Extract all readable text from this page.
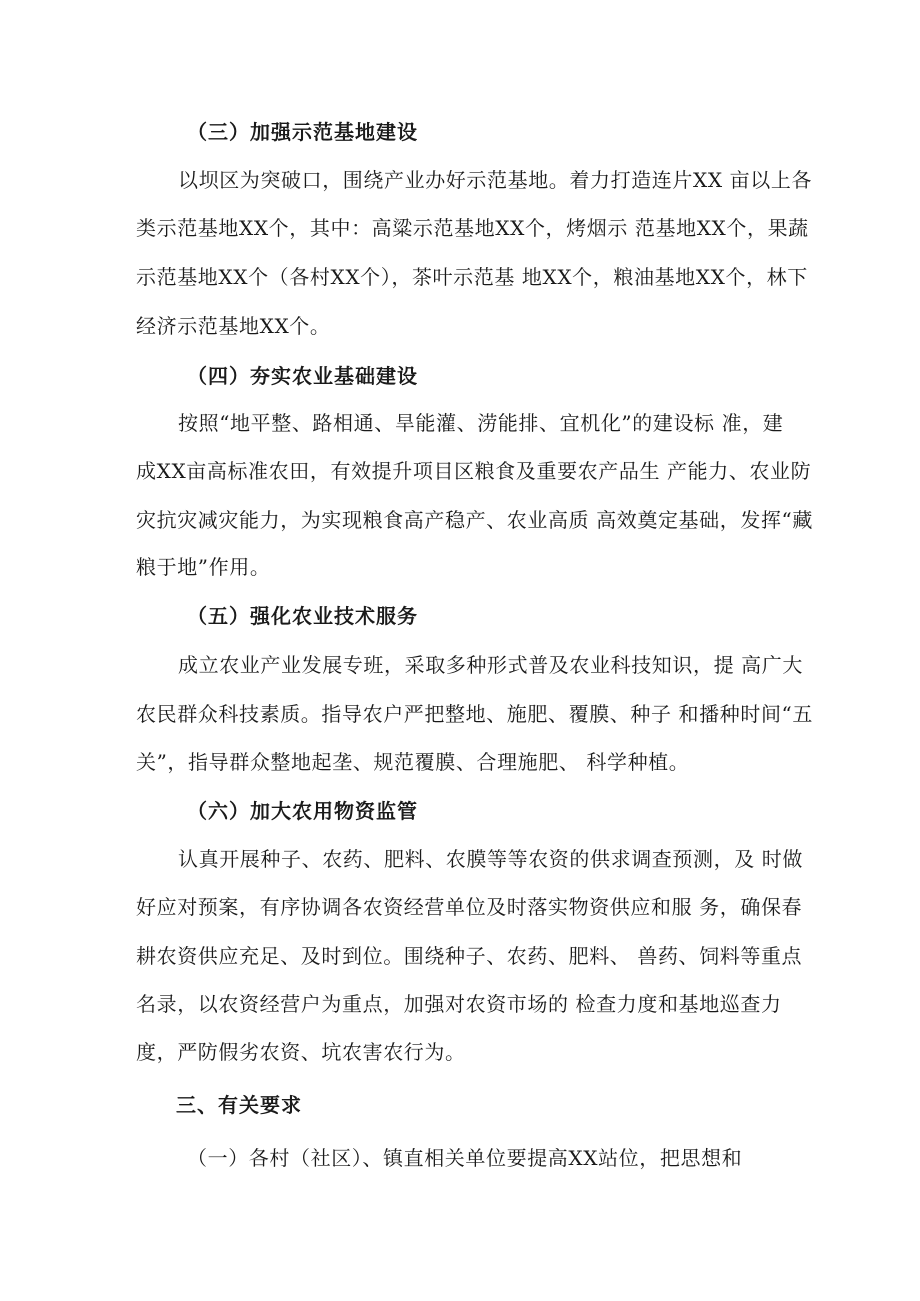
（三）加强示范基地建设
以坝区为突破口，围绕产业办好示范基地。着力打造连片XX 亩以上各
类示范基地XX个，其中：高粱示范基地XX个，烤烟示 范基地XX个，果蔬
示范基地XX个（各村XX个），茶叶示范基 地XX个，粮油基地XX个，林下
经济示范基地XX个。
（四）夯实农业基础建设
按照“地平整、路相通、旱能灌、涝能排、宜机化”的建设标 准，建
成XX亩高标准农田，有效提升项目区粮食及重要农产品生 产能力、农业防
灾抗灾减灾能力，为实现粮食高产稳产、农业高质 高效奠定基础，发挥“藏
粮于地”作用。
（五）强化农业技术服务
成立农业产业发展专班，采取多种形式普及农业科技知识，提 高广大
农民群众科技素质。指导农户严把整地、施肥、覆膜、种子 和播种时间“五
关”，指导群众整地起垄、规范覆膜、合理施肥、 科学种植。
（六）加大农用物资监管
认真开展种子、农药、肥料、农膜等等农资的供求调查预测，及 时做
好应对预案，有序协调各农资经营单位及时落实物资供应和服 务，确保春
耕农资供应充足、及时到位。围绕种子、农药、肥料、 兽药、饲料等重点
名录，以农资经营户为重点，加强对农资市场的 检查力度和基地巡查力
度，严防假劣农资、坑农害农行为。
三、有关要求
（一）各村（社区）、镇直相关单位要提高XX站位，把思想和
